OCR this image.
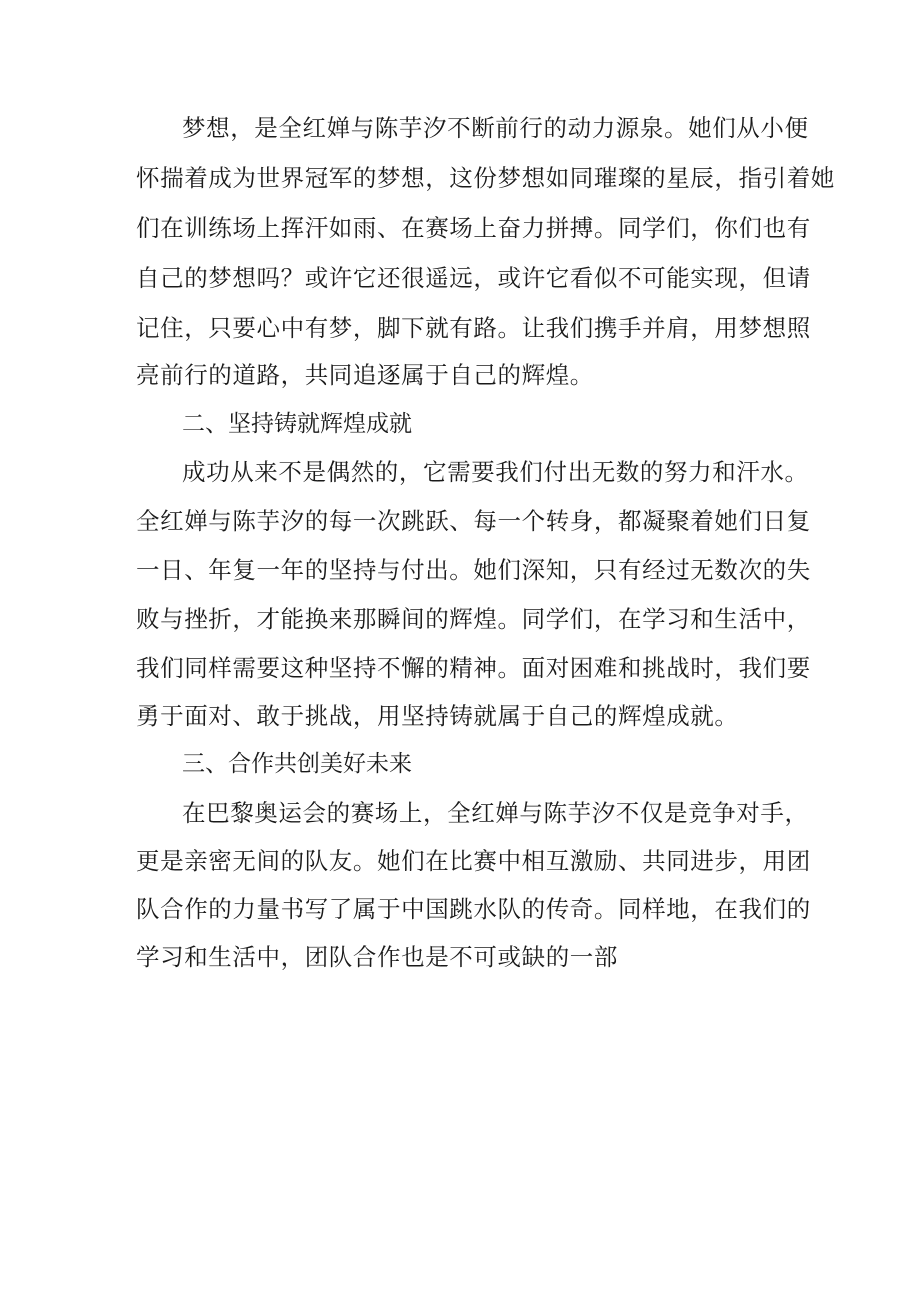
梦想，是全红婵与陈芋汐不断前行的动力源泉。她们从小便
怀揣着成为世界冠军的梦想，这份梦想如同璀璨的星辰，指引着她
们在训练场上挥汗如雨、在赛场上奋力拼搏。同学们，你们也有
自己的梦想吗？或许它还很遥远，或许它看似不可能实现，但请
记住，只要心中有梦，脚下就有路。让我们携手并肩，用梦想照
亮前行的道路，共同追逐属于自己的辉煌。
二、坚持铸就辉煌成就
成功从来不是偶然的，它需要我们付出无数的努力和汗水。
全红婵与陈芋汐的每一次跳跃、每一个转身，都凝聚着她们日复
一日、年复一年的坚持与付出。她们深知，只有经过无数次的失
败与挫折，才能换来那瞬间的辉煌。同学们，在学习和生活中，
我们同样需要这种坚持不懈的精神。面对困难和挑战时，我们要
勇于面对、敢于挑战，用坚持铸就属于自己的辉煌成就。
三、合作共创美好未来
在巴黎奥运会的赛场上，全红婵与陈芋汐不仅是竞争对手，
更是亲密无间的队友。她们在比赛中相互激励、共同进步，用团
队合作的力量书写了属于中国跳水队的传奇。同样地，在我们的
学习和生活中，团队合作也是不可或缺的一部
